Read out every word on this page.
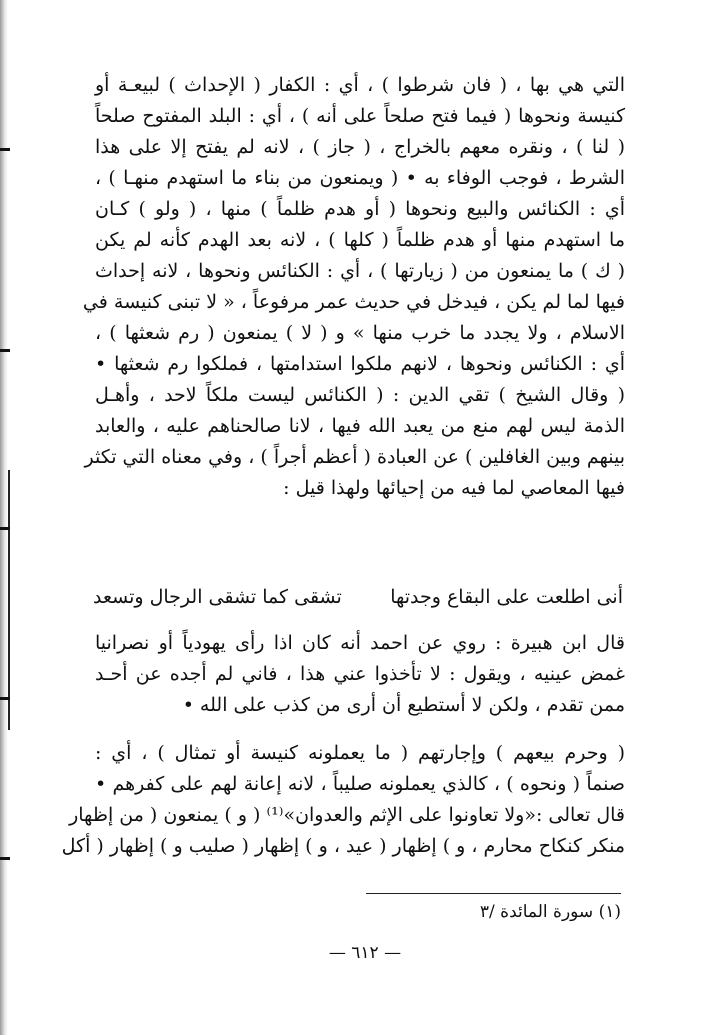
التي هي بها ، ( فان شرطوا ) ، أي : الكفار ( الإحداث ) لبيعـة أو
كنيسة ونحوها ( فيما فتح صلحاً على أنه ) ، أي : البلد المفتوح صلحاً
( لنا ) ، ونقره معهم بالخراج ، ( جاز ) ، لانه لم يفتح إلا على هذا
الشرط ، فوجب الوفاء به • ( ويمنعون من بناء ما استهدم منهـا ) ،
أي : الكنائس والبيع ونحوها ( أو هدم ظلماً ) منها ، ( ولو ) كـان
ما استهدم منها أو هدم ظلماً ( كلها ) ، لانه بعد الهدم كأنه لم يكن
( ك ) ما يمنعون من ( زيارتها ) ، أي : الكنائس ونحوها ، لانه إحداث
فيها لما لم يكن ، فيدخل في حديث عمر مرفوعاً ، « لا تبنى كنيسة في
الاسلام ، ولا يجدد ما خرب منها » و ( لا ) يمنعون ( رم شعثها ) ،
أي : الكنائس ونحوها ، لانهم ملكوا استدامتها ، فملكوا رم شعثها •
( وقال الشيخ ) تقي الدين : ( الكنائس ليست ملكاً لاحد ، وأهـل
الذمة ليس لهم منع من يعبد الله فيها ، لانا صالحناهم عليه ، والعابد
بينهم وبين الغافلين ) عن العبادة ( أعظم أجراً ) ، وفي معناه التي تكثر
فيها المعاصي لما فيه من إحيائها ولهذا قيل :
أنى اطلعت على البقاع وجدتها
تشقى كما تشقى الرجال وتسعد
قال ابن هبيرة : روي عن احمد أنه كان اذا رأى يهودياً أو نصرانيا
غمض عينيه ، ويقول : لا تأخذوا عني هذا ، فاني لم أجده عن أحـد
ممن تقدم ، ولكن لا أستطيع أن أرى من كذب على الله •
( وحرم بيعهم ) وإجارتهم ( ما يعملونه كنيسة أو تمثال ) ، أي :
صنماً ( ونحوه ) ، كالذي يعملونه صليباً ، لانه إعانة لهم على كفرهم •
قال تعالى :«ولا تعاونوا على الإثم والعدوان»⁽¹⁾ ( و ) يمنعون ( من إظهار
منكر كنكاح محارم ، و ) إظهار ( عيد ، و ) إظهار ( صليب و ) إظهار ( أكل
(١) سورة المائدة /٣
— ٦١٢ —
